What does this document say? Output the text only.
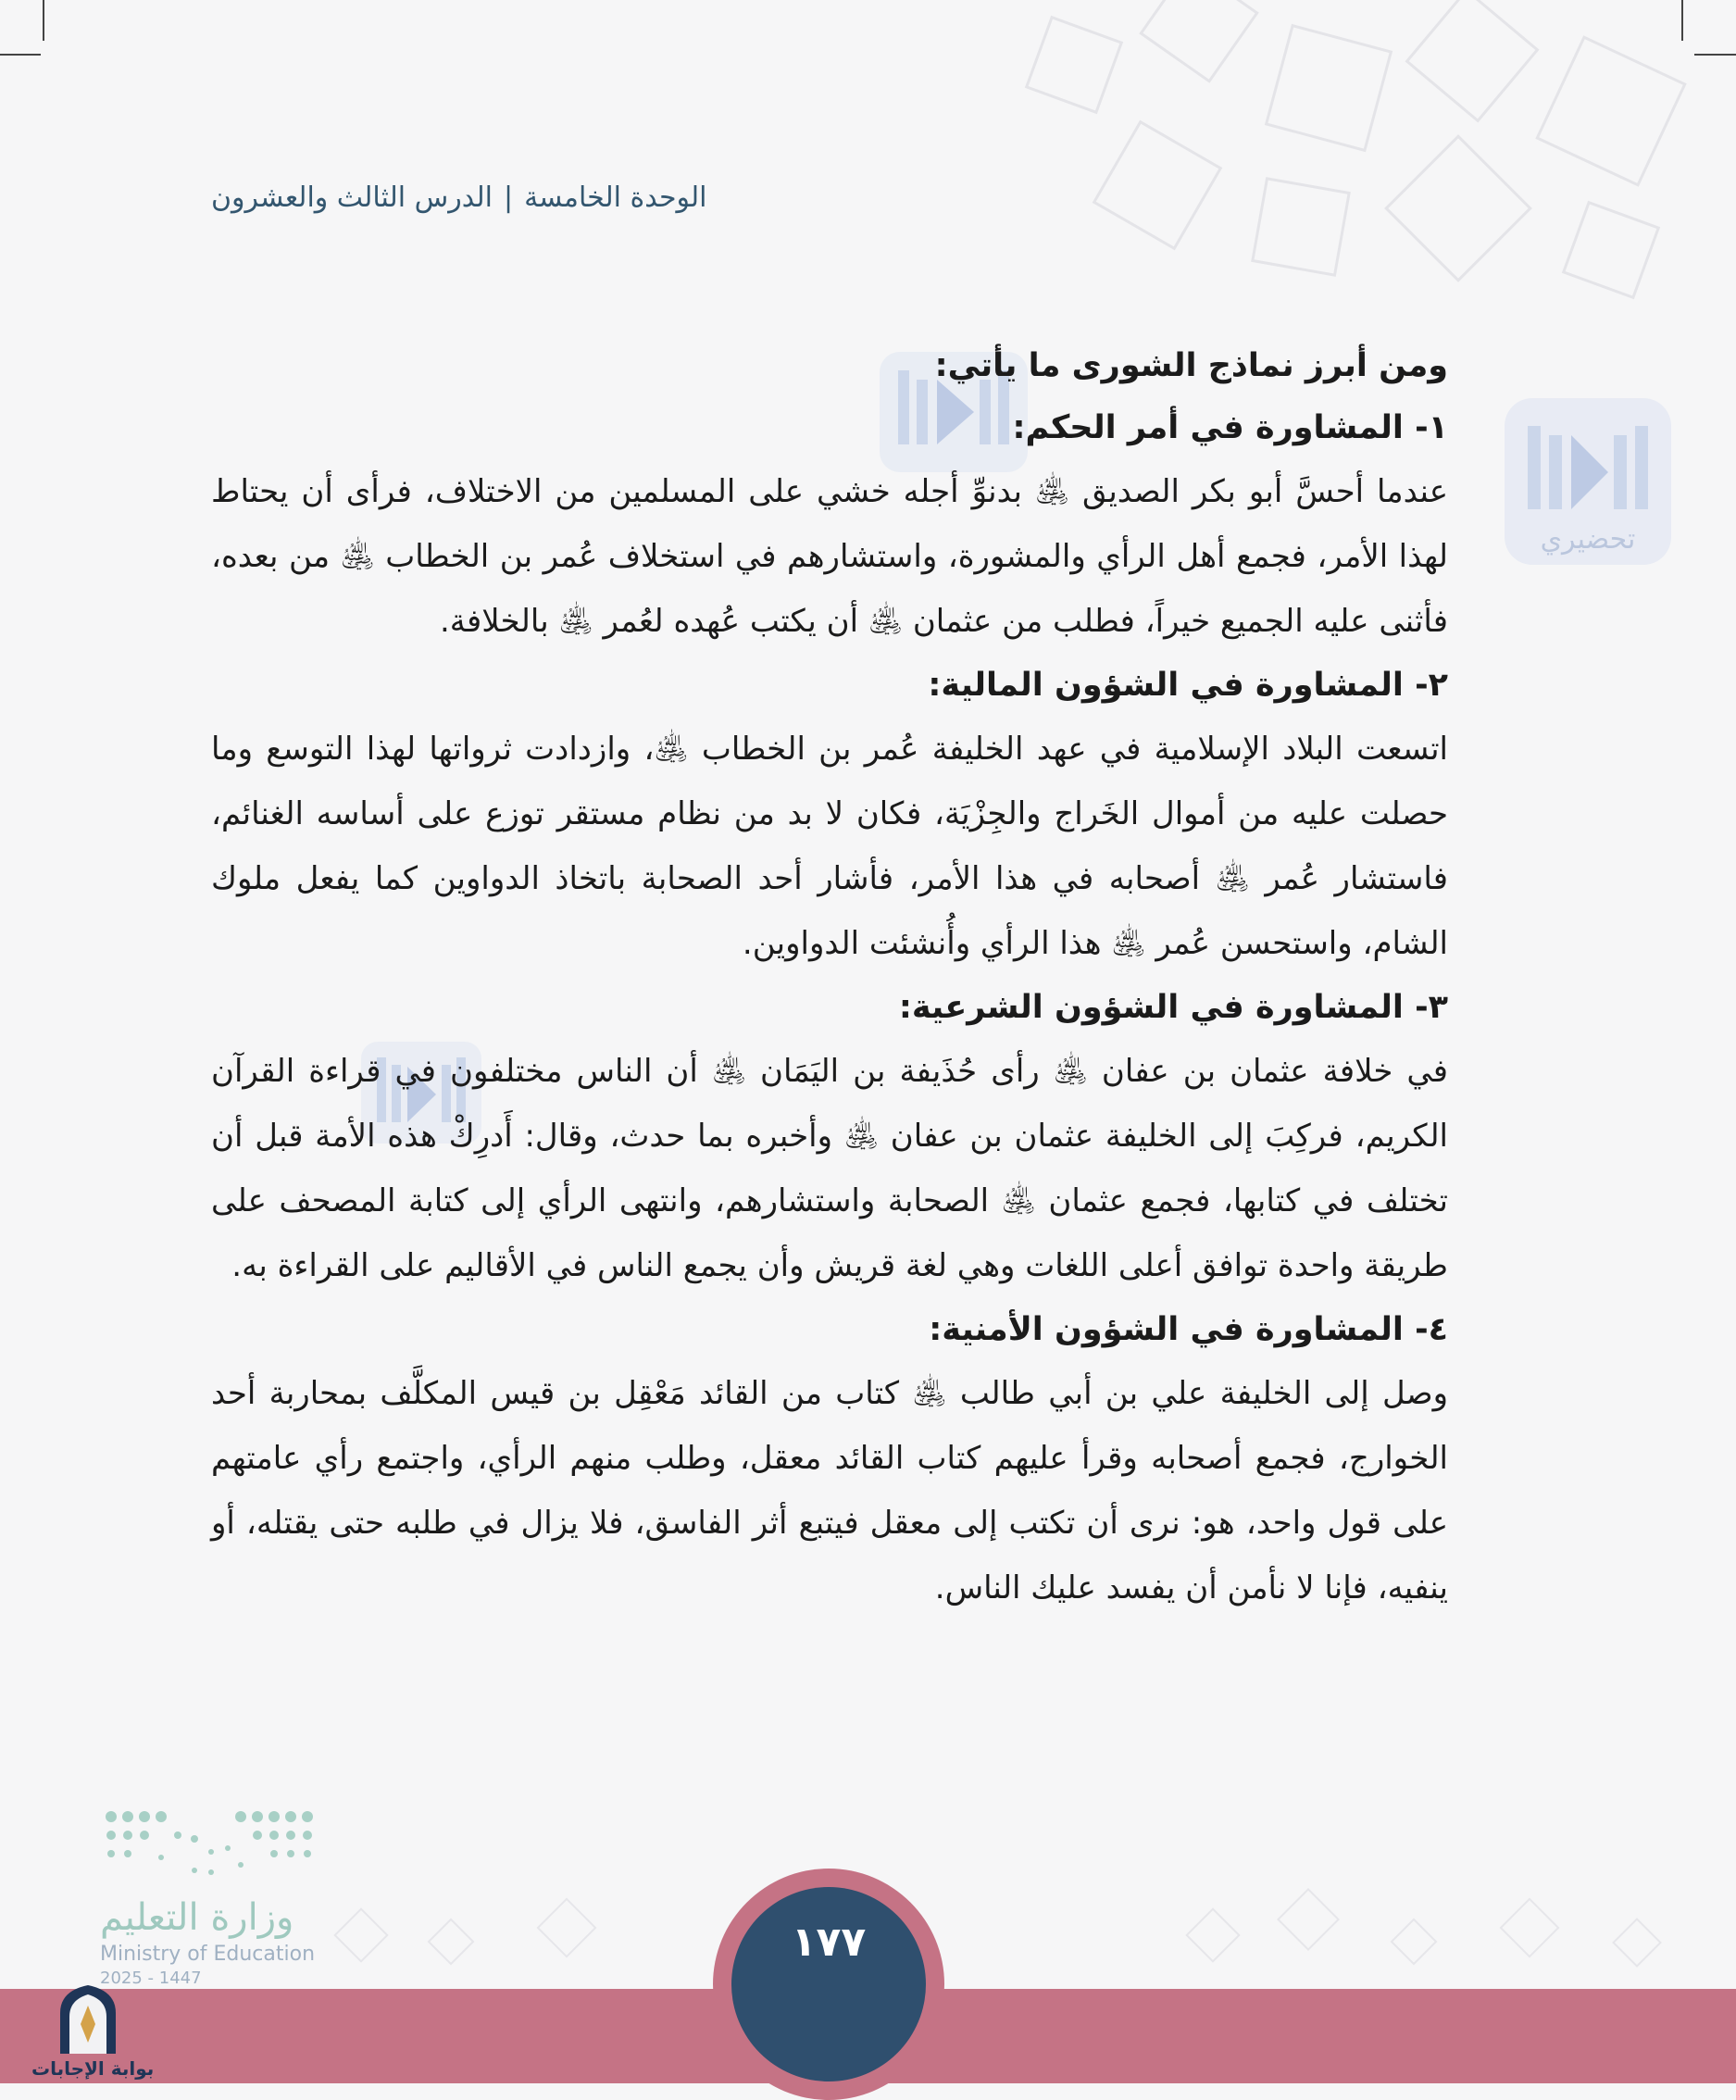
الوحدة الخامسة|الدرس الثالث والعشرون
تحضيري

ومن أبرز نماذج الشورى ما يأتي:

١- المشاورة في أمر الحكم:

عندما أحسَّ أبو بكر الصديق ﵁ بدنوِّ أجله خشي على المسلمين من الاختلاف، فرأى أن يحتاط لهذا الأمر، فجمع أهل الرأي والمشورة، واستشارهم في استخلاف عُمر بن الخطاب ﵁ من بعده، فأثنى عليه الجميع خيراً، فطلب من عثمان ﵁ أن يكتب عُهده لعُمر ﵁ بالخلافة.

٢- المشاورة في الشؤون المالية:

اتسعت البلاد الإسلامية في عهد الخليفة عُمر بن الخطاب ﵁، وازدادت ثرواتها لهذا التوسع وما حصلت عليه من أموال الخَراج والجِزْيَة، فكان لا بد من نظام مستقر توزع على أساسه الغنائم، فاستشار عُمر ﵁ أصحابه في هذا الأمر، فأشار أحد الصحابة باتخاذ الدواوين كما يفعل ملوك الشام، واستحسن عُمر ﵁ هذا الرأي وأُنشئت الدواوين.

٣- المشاورة في الشؤون الشرعية:

في خلافة عثمان بن عفان ﵁ رأى حُذَيفة بن اليَمَان ﵁ أن الناس مختلفون في قراءة القرآن الكريم، فركِبَ إلى الخليفة عثمان بن عفان ﵁ وأخبره بما حدث، وقال: أَدرِكْ هذه الأمة قبل أن تختلف في كتابها، فجمع عثمان ﵁ الصحابة واستشارهم، وانتهى الرأي إلى كتابة المصحف على طريقة واحدة توافق أعلى اللغات وهي لغة قريش وأن يجمع الناس في الأقاليم على القراءة به.

٤- المشاورة في الشؤون الأمنية:

وصل إلى الخليفة علي بن أبي طالب ﵁ كتاب من القائد مَعْقِل بن قيس المكلَّف بمحاربة أحد الخوارج، فجمع أصحابه وقرأ عليهم كتاب القائد معقل، وطلب منهم الرأي، واجتمع رأي عامتهم على قول واحد، هو: نرى أن تكتب إلى معقل فيتبع أثر الفاسق، فلا يزال في طلبه حتى يقتله، أو ينفيه، فإنا لا نأمن أن يفسد عليك الناس.

١٧٧
وزارة التعليم
Ministry of Education
2025 - 1447
بوابة الإجابات
